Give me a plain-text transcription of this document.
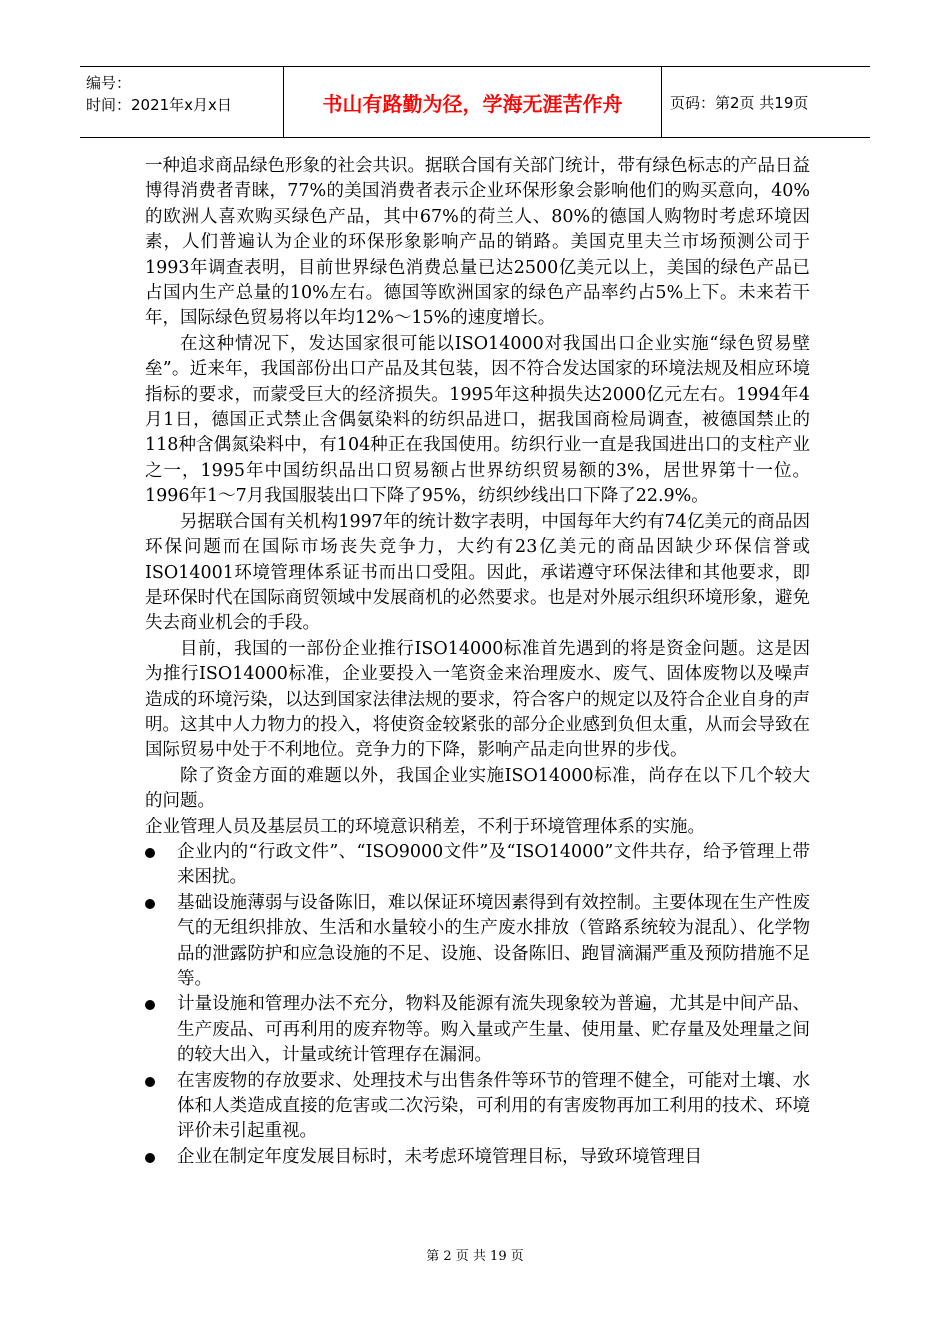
编号：
时间：2021年x月x日	书山有路勤为径，学海无涯苦作舟	页码：第2页 共19页

一种追求商品绿色形象的社会共识。据联合国有关部门统计，带有绿色标志的产品日益博得消费者青睐，77%的美国消费者表示企业环保形象会影响他们的购买意向，40%的欧洲人喜欢购买绿色产品，其中67%的荷兰人、80%的德国人购物时考虑环境因素，人们普遍认为企业的环保形象影响产品的销路。美国克里夫兰市场预测公司于1993年调查表明，目前世界绿色消费总量已达2500亿美元以上，美国的绿色产品已占国内生产总量的10%左右。德国等欧洲国家的绿色产品率约占5%上下。未来若干年，国际绿色贸易将以年均12%～15%的速度增长。

在这种情况下，发达国家很可能以ISO14000对我国出口企业实施“绿色贸易壁垒”。近来年，我国部份出口产品及其包装，因不符合发达国家的环境法规及相应环境指标的要求，而蒙受巨大的经济损失。1995年这种损失达2000亿元左右。1994年4月1日，德国正式禁止含偶氨染料的纺织品进口，据我国商检局调查，被德国禁止的118种含偶氮染料中，有104种正在我国使用。纺织行业一直是我国进出口的支柱产业之一，1995年中国纺织品出口贸易额占世界纺织贸易额的3%，居世界第十一位。1996年1～7月我国服装出口下降了95%，纺织纱线出口下降了22.9%。

另据联合国有关机构1997年的统计数字表明，中国每年大约有74亿美元的商品因环保问题而在国际市场丧失竞争力，大约有23亿美元的商品因缺少环保信誉或ISO14001环境管理体系证书而出口受阻。因此，承诺遵守环保法律和其他要求，即是环保时代在国际商贸领域中发展商机的必然要求。也是对外展示组织环境形象，避免失去商业机会的手段。

目前，我国的一部份企业推行ISO14000标准首先遇到的将是资金问题。这是因为推行ISO14000标准，企业要投入一笔资金来治理废水、废气、固体废物以及噪声造成的环境污染，以达到国家法律法规的要求，符合客户的规定以及符合企业自身的声明。这其中人力物力的投入，将使资金较紧张的部分企业感到负但太重，从而会导致在国际贸易中处于不利地位。竞争力的下降，影响产品走向世界的步伐。

除了资金方面的难题以外，我国企业实施ISO14000标准，尚存在以下几个较大的问题。

企业管理人员及基层员工的环境意识稍差，不利于环境管理体系的实施。

企业内的“行政文件”、“ISO9000文件”及“ISO14000”文件共存，给予管理上带来困扰。
基础设施薄弱与设备陈旧，难以保证环境因素得到有效控制。主要体现在生产性废气的无组织排放、生活和水量较小的生产废水排放（管路系统较为混乱）、化学物品的泄露防护和应急设施的不足、设施、设备陈旧、跑冒滴漏严重及预防措施不足等。
计量设施和管理办法不充分，物料及能源有流失现象较为普遍，尤其是中间产品、生产废品、可再利用的废弃物等。购入量或产生量、使用量、贮存量及处理量之间的较大出入，计量或统计管理存在漏洞。
在害废物的存放要求、处理技术与出售条件等环节的管理不健全，可能对土壤、水体和人类造成直接的危害或二次污染，可利用的有害废物再加工利用的技术、环境评价未引起重视。
企业在制定年度发展目标时，未考虑环境管理目标，导致环境管理目
第 2 页 共 19 页
